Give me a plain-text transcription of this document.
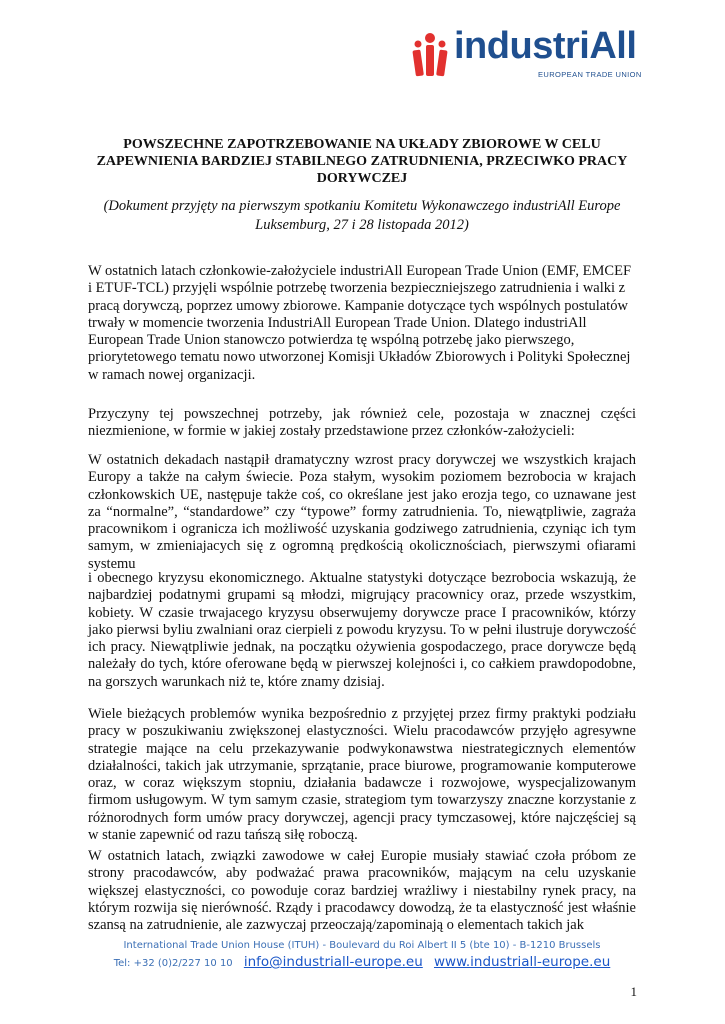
industriAll
EUROPEAN TRADE UNION
POWSZECHNE ZAPOTRZEBOWANIE NA UKŁADY ZBIOROWE W CELU ZAPEWNIENIA BARDZIEJ STABILNEGO ZATRUDNIENIA, PRZECIWKO PRACY DORYWCZEJ
(Dokument przyjęty na pierwszym spotkaniu Komitetu Wykonawczego industriAll Europe Luksemburg, 27 i 28 listopada 2012)
W ostatnich latach członkowie-założyciele industriAll European Trade Union (EMF, EMCEF i ETUF-TCL) przyjęli wspólnie potrzebę tworzenia bezpieczniejszego zatrudnienia i walki z pracą dorywczą, poprzez umowy zbiorowe. Kampanie dotyczące tych wspólnych postulatów trwały w momencie tworzenia IndustriAll European Trade Union. Dlatego industriAll European Trade Union stanowczo potwierdza tę wspólną potrzebę jako pierwszego, priorytetowego tematu nowo utworzonej Komisji Układów Zbiorowych i Polityki Społecznej w ramach nowej organizacji.
Przyczyny tej powszechnej potrzeby, jak również cele, pozostaja w znacznej części niezmienione, w formie w jakiej zostały przedstawione przez członków-założycieli:
W ostatnich dekadach nastąpił dramatyczny wzrost pracy dorywczej we wszystkich krajach Europy a także na całym świecie. Poza stałym, wysokim poziomem bezrobocia w krajach członkowskich UE, następuje także coś, co określane jest jako erozja tego, co uznawane jest za “normalne”, “standardowe” czy “typowe” formy zatrudnienia. To, niewątpliwie, zagraża pracownikom i ogranicza ich możliwość uzyskania godziwego zatrudnienia, czyniąc ich tym samym, w zmieniajacych się z ogromną prędkością okolicznościach, pierwszymi ofiarami systemu
i obecnego kryzysu ekonomicznego. Aktualne statystyki dotyczące bezrobocia wskazują, że najbardziej podatnymi grupami są młodzi, migrujący pracownicy oraz, przede wszystkim, kobiety. W czasie trwajacego kryzysu obserwujemy dorywcze prace I pracowników, którzy jako pierwsi byliu zwalniani oraz cierpieli z powodu kryzysu. To w pełni ilustruje dorywczość ich pracy. Niewątpliwie jednak, na początku ożywienia gospodaczego, prace dorywcze będą należały do tych, które oferowane będą w pierwszej kolejności i, co całkiem prawdopodobne, na gorszych warunkach niż te, które znamy dzisiaj.
Wiele bieżących problemów wynika bezpośrednio z przyjętej przez firmy praktyki podziału pracy w poszukiwaniu zwiększonej elastyczności. Wielu pracodawców przyjęło agresywne strategie mające na celu przekazywanie podwykonawstwa niestrategicznych elementów działalności, takich jak utrzymanie, sprzątanie, prace biurowe, programowanie komputerowe oraz, w coraz większym stopniu, działania badawcze i rozwojowe, wyspecjalizowanym firmom usługowym. W tym samym czasie, strategiom tym towarzyszy znaczne korzystanie z różnorodnych form umów pracy dorywczej, agencji pracy tymczasowej, które najczęściej są w stanie zapewnić od razu tańszą siłę roboczą.
W ostatnich latach, związki zawodowe w całej Europie musiały stawiać czoła próbom ze strony pracodawców, aby podważać prawa pracowników, mającym na celu uzyskanie większej elastyczności, co powoduje coraz bardziej wrażliwy i niestabilny rynek pracy, na którym rozwija się nierówność. Rządy i pracodawcy dowodzą, że ta elastyczność jest właśnie szansą na zatrudnienie, ale zazwyczaj przeoczają/zapominają o elementach takich jak
International Trade Union House (ITUH) - Boulevard du Roi Albert II 5 (bte 10) - B-1210 Brussels
Tel: +32 (0)2/227 10 10 info@industriall-europe.eu www.industriall-europe.eu
1
